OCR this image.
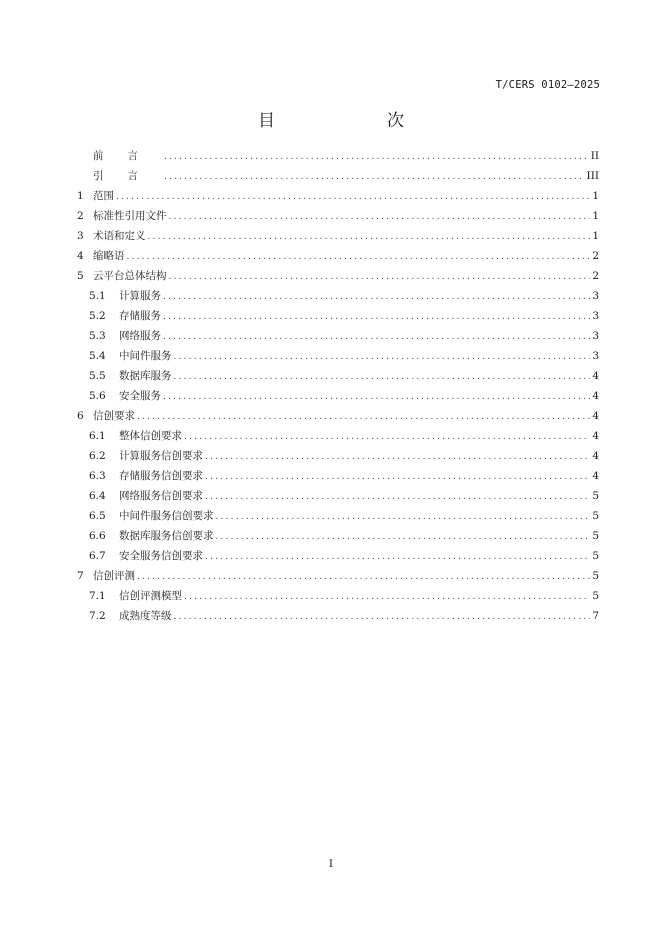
T/CERS 0102—2025
目　　次
前言 .....	II
引言 .....	III
1 范围 .....	1
2 标准性引用文件 .....	1
3 术语和定义 .....	1
4 缩略语 .....	2
5 云平台总体结构 .....	2
5.1	计算服务 .....	3
5.2	存储服务 .....	3
5.3	网络服务 .....	3
5.4	中间件服务 .....	3
5.5	数据库服务 .....	4
5.6	安全服务 .....	4
6 信创要求 .....	4
6.1	整体信创要求 .....	4
6.2	计算服务信创要求 .....	4
6.3	存储服务信创要求 .....	4
6.4	网络服务信创要求 .....	5
6.5	中间件服务信创要求 .....	5
6.6	数据库服务信创要求 .....	5
6.7	安全服务信创要求 .....	5
7 信创评测 .....	5
7.1	信创评测模型 .....	5
7.2	成熟度等级 .....	7
I
